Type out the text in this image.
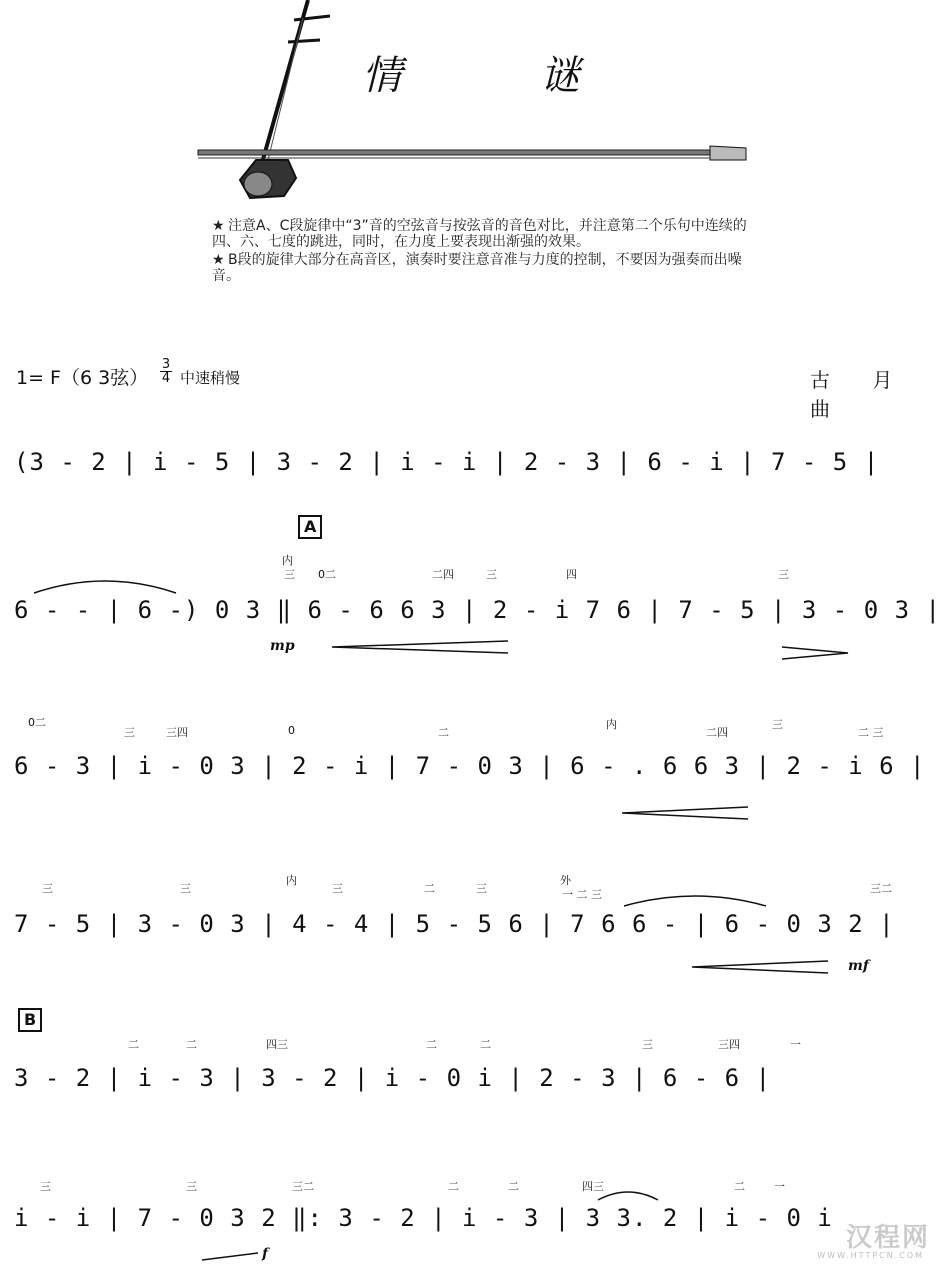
情	谜
★ 注意A、C段旋律中“3”音的空弦音与按弦音的音色对比，并注意第二个乐句中连续的四、六、七度的跳进，同时，在力度上要表现出渐强的效果。
★ B段的旋律大部分在高音区，演奏时要注意音准与力度的控制，不要因为强奏而出噪音。
1= F（6 3弦）
3
4 中速稍慢	古 月曲
(3 - 2 | i - 5 | 3 - 2 | i - i | 2 - 3 | 6 - i | 7 - 5 |
A
内
三 0二	二四	三	四	三
6 - - | 6 -) 0 3 ‖ 6 - 6 6 3 | 2 - i 7 6 | 7 - 5 | 3 - 0 3 |
mp
0二
三	三四	0	二
内
二四
三
二 三
6 - 3 | i - 0 3 | 2 - i | 7 - 0 3 | 6 - . 6 6 3 | 2 - i 6 |
三	三
内
三	二	三
外
一 二 三	三二
7 - 5 | 3 - 0 3 | 4 - 4 | 5 - 5 6 | 7 6 6 - | 6 - 0 3 2 |
mf
B
二	二	四三	二	二	三	三四	一
3 - 2 | i - 3 | 3 - 2 | i - 0 i | 2 - 3 | 6 - 6 |
三	三	三二	二	二	四三	二	一
i - i | 7 - 0 3 2 ‖: 3 - 2 | i - 3 | 3 3. 2 | i - 0 i
f
汉程网
WWW.HTTPCN.COM
